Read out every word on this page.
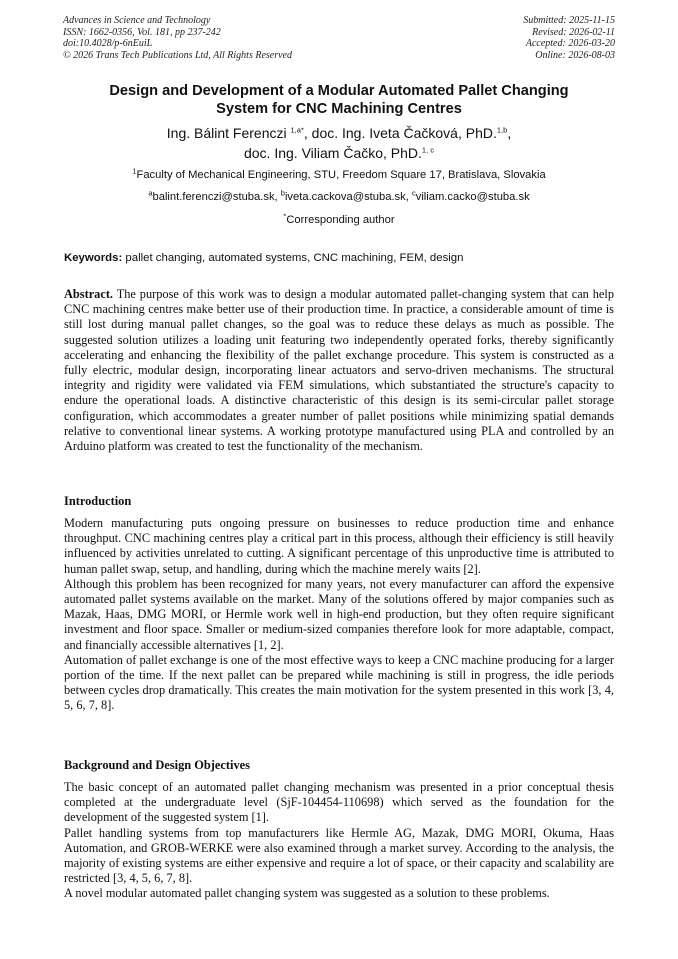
Advances in Science and Technology
ISSN: 1662-0356, Vol. 181, pp 237-242
doi:10.4028/p-6nEuiL
© 2026 Trans Tech Publications Ltd, All Rights Reserved
Submitted: 2025-11-15
Revised: 2026-02-11
Accepted: 2026-03-20
Online: 2026-08-03
Design and Development of a Modular Automated Pallet Changing
System for CNC Machining Centres
Ing. Bálint Ferenczi $^{1,a*}$, doc. Ing. Iveta Čačková, PhD.$^{1,b}$,
doc. Ing. Viliam Čačko, PhD.$^{1, c}$
$^1$Faculty of Mechanical Engineering, STU, Freedom Square 17, Bratislava, Slovakia
$^a$balint.ferenczi@stuba.sk, $^b$iveta.cackova@stuba.sk, $^c$viliam.cacko@stuba.sk
*Corresponding author
Keywords: pallet changing, automated systems, CNC machining, FEM, design

Abstract. The purpose of this work was to design a modular automated pallet-changing system that can help CNC machining centres make better use of their production time. In practice, a considerable amount of time is still lost during manual pallet changes, so the goal was to reduce these delays as much as possible. The suggested solution utilizes a loading unit featuring two independently operated forks, thereby significantly accelerating and enhancing the flexibility of the pallet exchange procedure. This system is constructed as a fully electric, modular design, incorporating linear actuators and servo-driven mechanisms. The structural integrity and rigidity were validated via FEM simulations, which substantiated the structure's capacity to endure the operational loads. A distinctive characteristic of this design is its semi-circular pallet storage configuration, which accommodates a greater number of pallet positions while minimizing spatial demands relative to conventional linear systems. A working prototype manufactured using PLA and controlled by an Arduino platform was created to test the functionality of the mechanism.

Introduction

Modern manufacturing puts ongoing pressure on businesses to reduce production time and enhance throughput. CNC machining centres play a critical part in this process, although their efficiency is still heavily influenced by activities unrelated to cutting. A significant percentage of this unproductive time is attributed to human pallet swap, setup, and handling, during which the machine merely waits [2].

Although this problem has been recognized for many years, not every manufacturer can afford the expensive automated pallet systems available on the market. Many of the solutions offered by major companies such as Mazak, Haas, DMG MORI, or Hermle work well in high-end production, but they often require significant investment and floor space. Smaller or medium-sized companies therefore look for more adaptable, compact, and financially accessible alternatives [1, 2].

Automation of pallet exchange is one of the most effective ways to keep a CNC machine producing for a larger portion of the time. If the next pallet can be prepared while machining is still in progress, the idle periods between cycles drop dramatically. This creates the main motivation for the system presented in this work [3, 4, 5, 6, 7, 8].

Background and Design Objectives

The basic concept of an automated pallet changing mechanism was presented in a prior conceptual thesis completed at the undergraduate level (SjF-104454-110698) which served as the foundation for the development of the suggested system [1].

Pallet handling systems from top manufacturers like Hermle AG, Mazak, DMG MORI, Okuma, Haas Automation, and GROB-WERKE were also examined through a market survey. According to the analysis, the majority of existing systems are either expensive and require a lot of space, or their capacity and scalability are restricted [3, 4, 5, 6, 7, 8].

A novel modular automated pallet changing system was suggested as a solution to these problems.
